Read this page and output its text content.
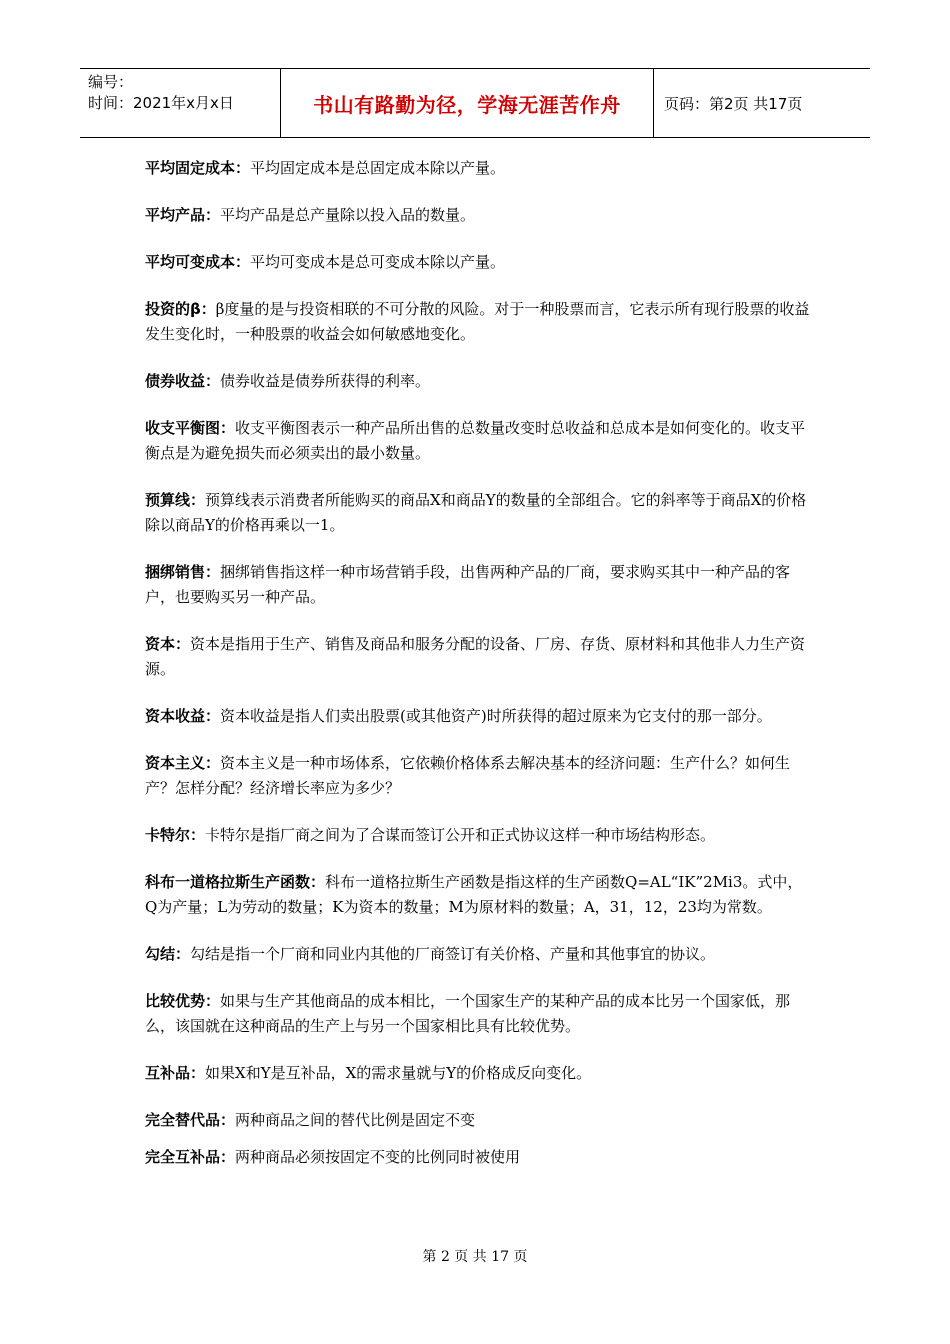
编号：
时间：2021年x月x日	书山有路勤为径，学海无涯苦作舟	页码：第2页 共17页

平均固定成本：平均固定成本是总固定成本除以产量。

平均产品：平均产品是总产量除以投入品的数量。

平均可变成本：平均可变成本是总可变成本除以产量。

投资的β：β度量的是与投资相联的不可分散的风险。对于一种股票而言，它表示所有现行股票的收益发生变化时，一种股票的收益会如何敏感地变化。

债券收益：债券收益是债券所获得的利率。

收支平衡图：收支平衡图表示一种产品所出售的总数量改变时总收益和总成本是如何变化的。收支平衡点是为避免损失而必须卖出的最小数量。

预算线：预算线表示消费者所能购买的商品X和商品Y的数量的全部组合。它的斜率等于商品X的价格除以商品Y的价格再乘以一1。

捆绑销售：捆绑销售指这样一种市场营销手段，出售两种产品的厂商，要求购买其中一种产品的客户，也要购买另一种产品。

资本：资本是指用于生产、销售及商品和服务分配的设备、厂房、存货、原材料和其他非人力生产资源。

资本收益：资本收益是指人们卖出股票(或其他资产)时所获得的超过原来为它支付的那一部分。

资本主义：资本主义是一种市场体系，它依赖价格体系去解决基本的经济问题：生产什么？如何生产？怎样分配？经济增长率应为多少？

卡特尔：卡特尔是指厂商之间为了合谋而签订公开和正式协议这样一种市场结构形态。

科布一道格拉斯生产函数：科布一道格拉斯生产函数是指这样的生产函数Q=AL“IK”2Mi3。式中，Q为产量；L为劳动的数量；K为资本的数量；M为原材料的数量；A，31，12，23均为常数。

勾结：勾结是指一个厂商和同业内其他的厂商签订有关价格、产量和其他事宜的协议。

比较优势：如果与生产其他商品的成本相比，一个国家生产的某种产品的成本比另一个国家低，那么，该国就在这种商品的生产上与另一个国家相比具有比较优势。

互补品：如果X和Y是互补品，X的需求量就与Y的价格成反向变化。

完全替代品：两种商品之间的替代比例是固定不变

完全互补品：两种商品必须按固定不变的比例同时被使用

第 2 页 共 17 页
